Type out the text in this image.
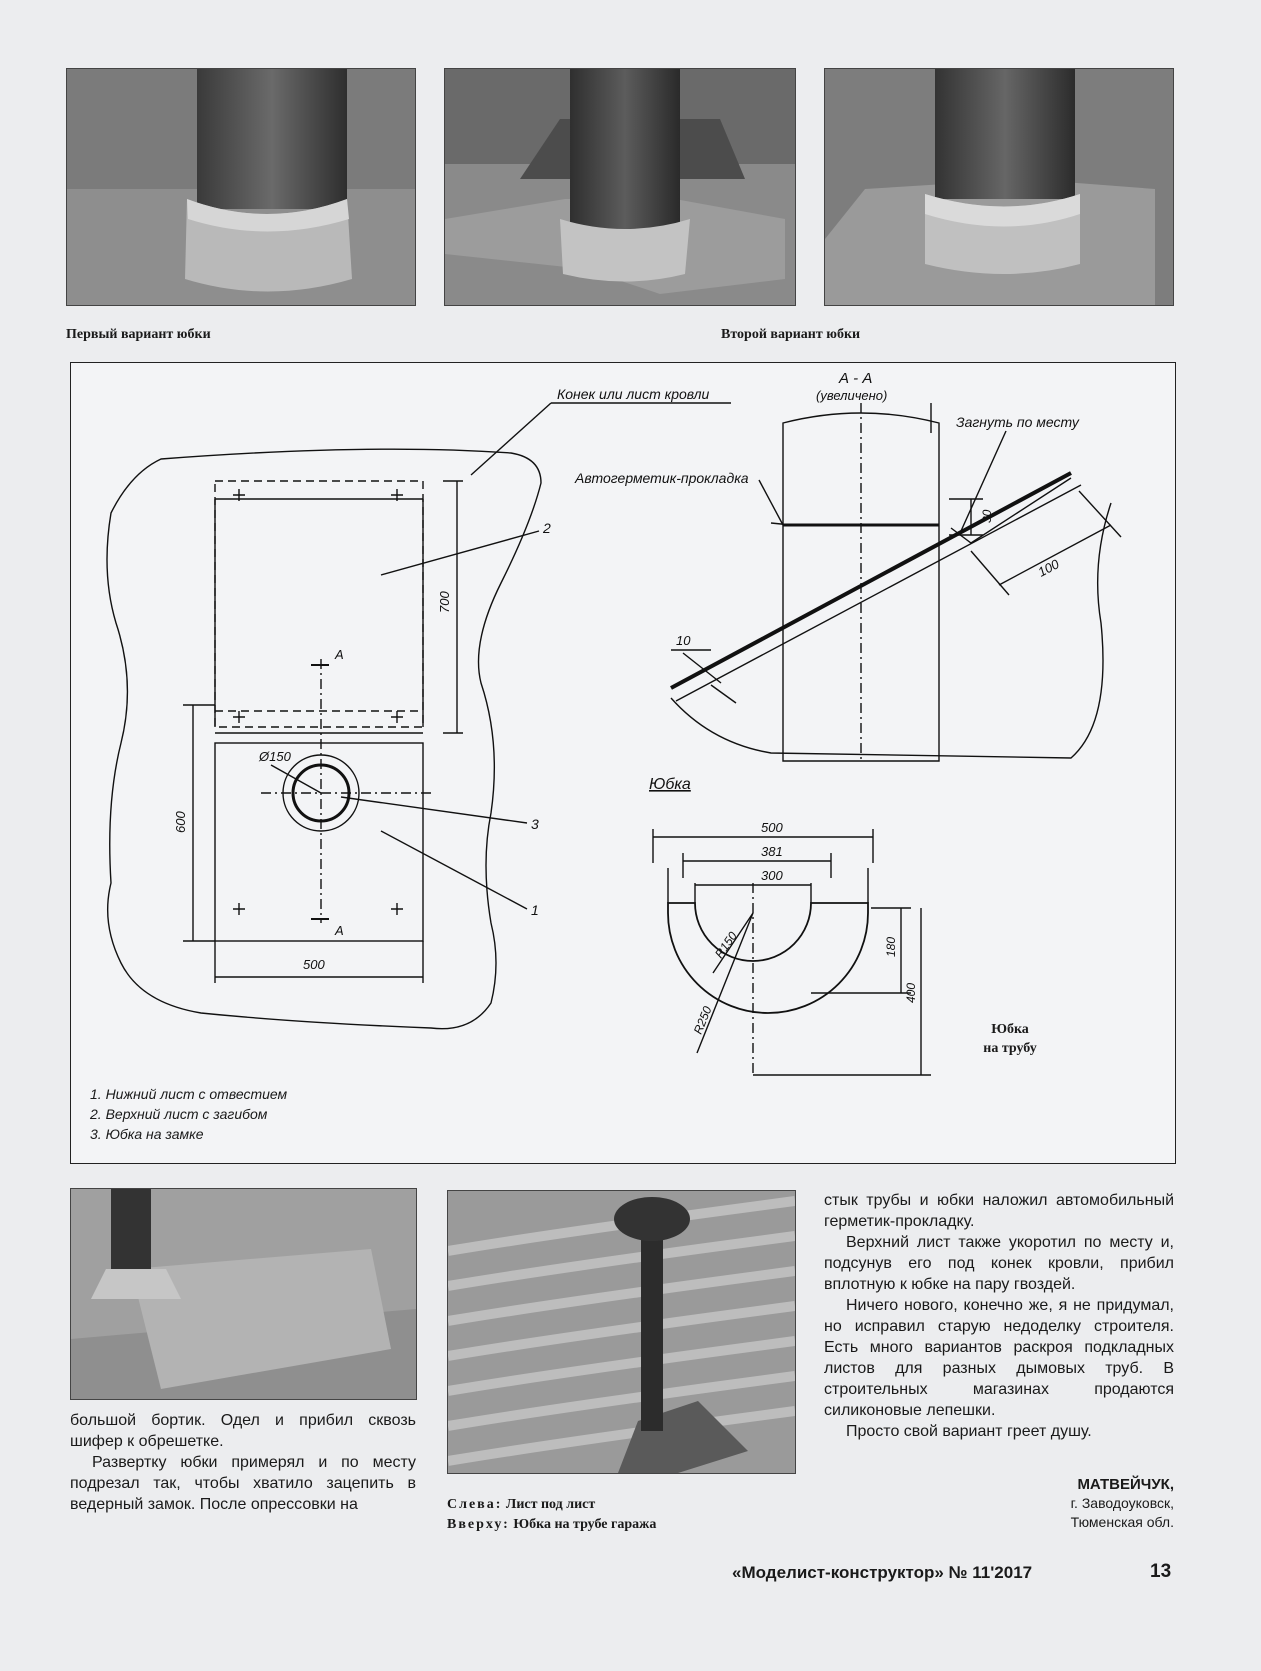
Первый вариант юбки	Второй вариант юбки
Конек или лист кровли
Автогерметик-прокладка
Загнуть по месту
А - А
(увеличено)
Юбка
700
600
500
Ø150
А
А
2
3
1
30
100
10
500
381
300
R150
R250
180
400
1. Нижний лист с отвестием
2. Верхний лист с загибом
3. Юбка на замке
Юбка
на трубу

большой бортик. Одел и прибил сквозь шифер к обрешетке.

Развертку юбки примерял и по месту подрезал так, чтобы хватило зацепить в ведерный замок. После опрессовки на

стык трубы и юбки наложил автомобильный герметик-прокладку.

Верхний лист также укоротил по месту и, подсунув его под конек кровли, прибил вплотную к юбке на пару гвоздей.

Ничего нового, конечно же, я не придумал, но исправил старую недоделку строителя. Есть много вариантов раскроя подкладных листов для разных дымовых труб. В строительных магазинах продаются силиконовые лепешки.

Просто свой вариант греет душу.

МАТВЕЙЧУК,
г. Заводоуковск,
Тюменская обл.
Слева: Лист под лист
Вверху: Юбка на трубе гаража
«Моделист-конструктор» № 11'2017	13
